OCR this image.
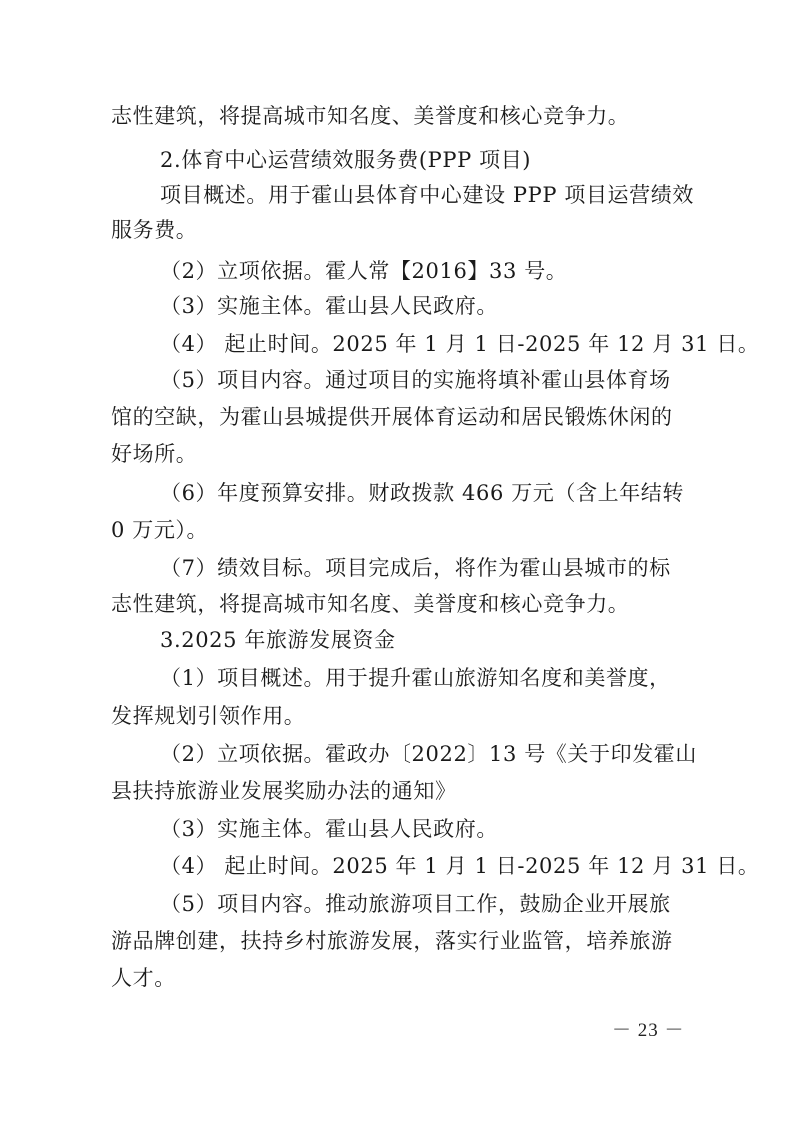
志性建筑，将提高城市知名度、美誉度和核心竞争力。
2.体育中心运营绩效服务费(PPP 项目)
项目概述。用于霍山县体育中心建设 PPP 项目运营绩效
服务费。
（2）立项依据。霍人常【2016】33 号。
（3）实施主体。霍山县人民政府。
（4） 起止时间。2025 年 1 月 1 日-2025 年 12 月 31 日。
（5）项目内容。通过项目的实施将填补霍山县体育场
馆的空缺，为霍山县城提供开展体育运动和居民锻炼休闲的
好场所。
（6）年度预算安排。财政拨款 466 万元（含上年结转
0 万元）。
（7）绩效目标。项目完成后，将作为霍山县城市的标
志性建筑，将提高城市知名度、美誉度和核心竞争力。
3.2025 年旅游发展资金
（1）项目概述。用于提升霍山旅游知名度和美誉度，
发挥规划引领作用。
（2）立项依据。霍政办〔2022〕13 号《关于印发霍山
县扶持旅游业发展奖励办法的通知》
（3）实施主体。霍山县人民政府。
（4） 起止时间。2025 年 1 月 1 日-2025 年 12 月 31 日。
（5）项目内容。推动旅游项目工作，鼓励企业开展旅
游品牌创建，扶持乡村旅游发展，落实行业监管，培养旅游
人才。
－ 23 －
